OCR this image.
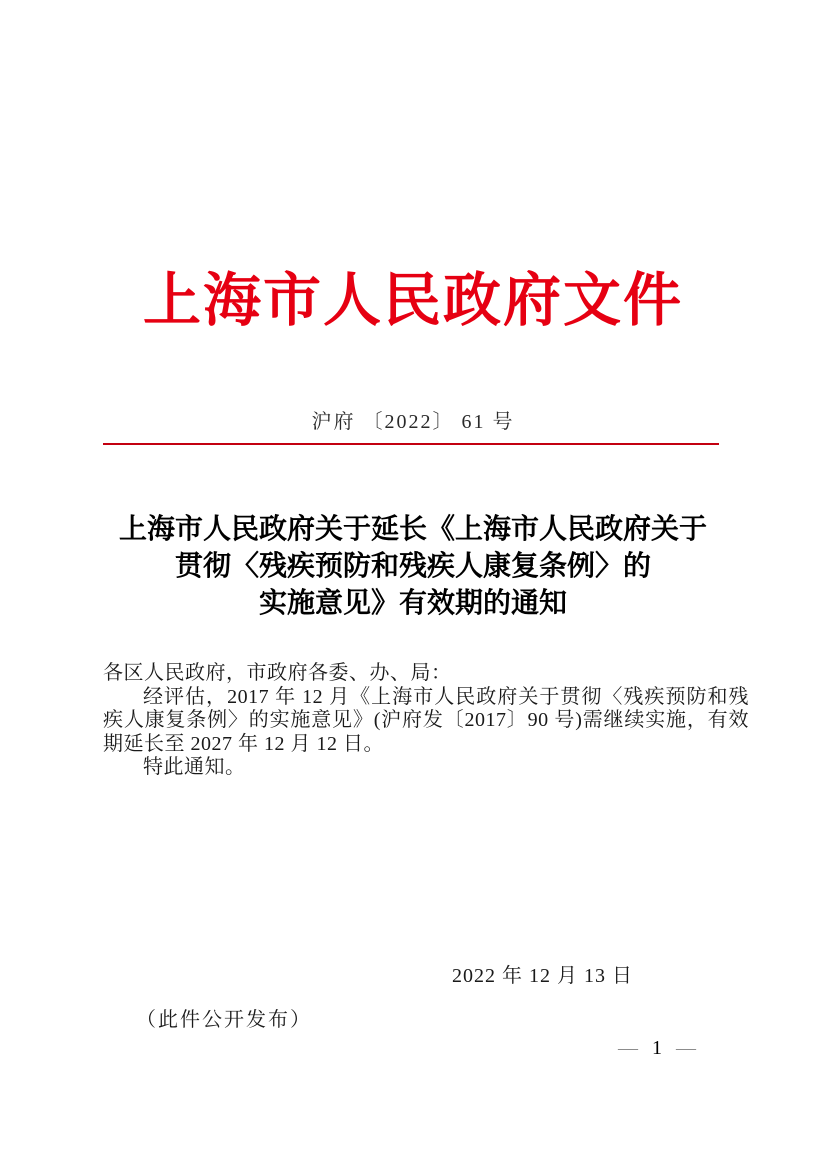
上海市人民政府文件
沪府 〔2022〕 61 号
上海市人民政府关于延长《上海市人民政府关于
贯彻〈残疾预防和残疾人康复条例〉的
实施意见》有效期的通知

各区人民政府，市政府各委、办、局：

经评估，2017 年 12 月《上海市人民政府关于贯彻〈残疾预防和残疾人康复条例〉的实施意见》(沪府发〔2017〕90 号)需继续实施，有效期延长至 2027 年 12 月 12 日。

特此通知。

2022 年 12 月 13 日
（此件公开发布）
— 1 —
